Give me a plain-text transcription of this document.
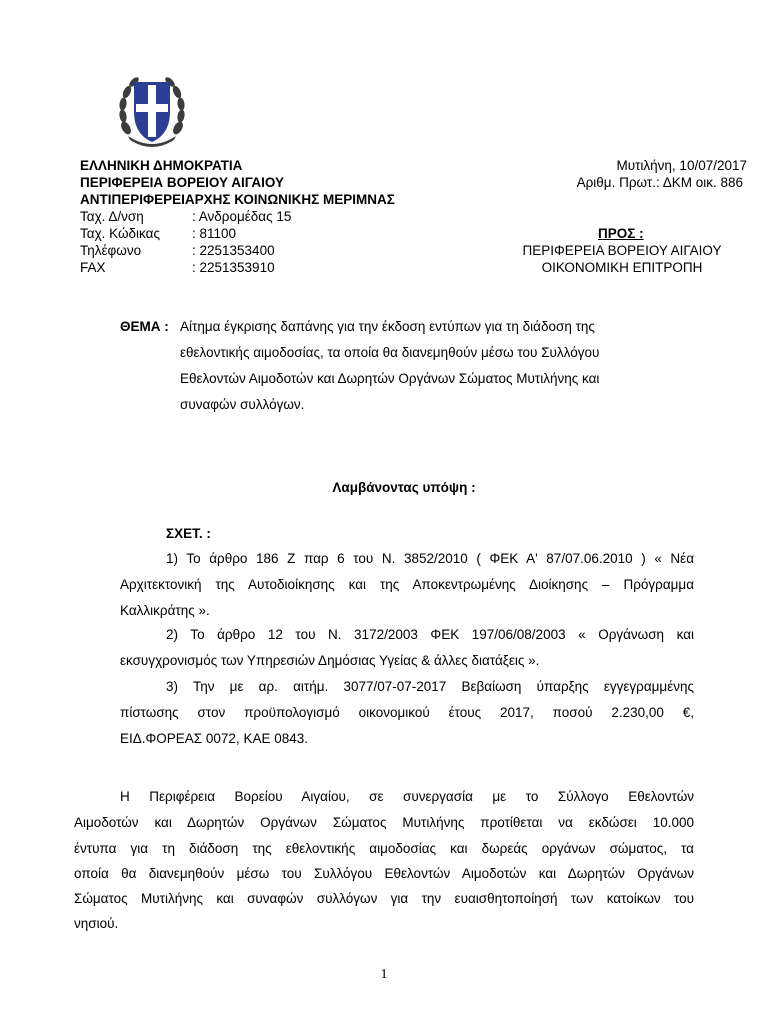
ΕΛΛΗΝΙΚΗ ΔΗΜΟΚΡΑΤΙΑ
ΠΕΡΙΦΕΡΕΙΑ ΒΟΡΕΙΟΥ ΑΙΓΑΙΟΥ
ΑΝΤΙΠΕΡΙΦΕΡΕΙΑΡΧΗΣ ΚΟΙΝΩΝΙΚΗΣ ΜΕΡΙΜΝΑΣ
Ταχ. Δ/νση	: Ανδρομέδας 15
Ταχ. Κώδικας : 81100
Τηλέφωνο	: 2251353400
FAX	: 2251353910
Μυτιλήνη, 10/07/2017
Αριθμ. Πρωτ.: ΔΚΜ οικ. 886
ΠΡΟΣ :
ΠΕΡΙΦΕΡΕΙΑ ΒΟΡΕΙΟΥ ΑΙΓΑΙΟΥ
ΟΙΚΟΝΟΜΙΚΗ ΕΠΙΤΡΟΠΗ
ΘΕΜΑ : Αίτημα έγκρισης δαπάνης για την έκδοση εντύπων για τη διάδοση της
εθελοντικής αιμοδοσίας, τα οποία θα διανεμηθούν μέσω του Συλλόγου
Εθελοντών Αιμοδοτών και Δωρητών Οργάνων Σώματος Μυτιλήνης και
συναφών συλλόγων.
Λαμβάνοντας υπόψη :
ΣΧΕΤ. :
1) Το άρθρο 186 Ζ παρ 6 του Ν. 3852/2010 ( ΦΕΚ Α' 87/07.06.2010 ) « Νέα
Αρχιτεκτονική της Αυτοδιοίκησης και της Αποκεντρωμένης Διοίκησης – Πρόγραμμα
Καλλικράτης ».
2) Το άρθρο 12 του Ν. 3172/2003 ΦΕΚ 197/06/08/2003 « Οργάνωση και
εκσυγχρονισμός των Υπηρεσιών Δημόσιας Υγείας & άλλες διατάξεις ».
3) Την με αρ. αιτήμ. 3077/07-07-2017 Βεβαίωση ύπαρξης εγγεγραμμένης
πίστωσης στον προϋπολογισμό οικονομικού έτους 2017, ποσού 2.230,00 €,
ΕΙΔ.ΦΟΡΕΑΣ 0072, ΚΑΕ 0843.
Η Περιφέρεια Βορείου Αιγαίου, σε συνεργασία με το Σύλλογο Εθελοντών
Αιμοδοτών και Δωρητών Οργάνων Σώματος Μυτιλήνης προτίθεται να εκδώσει 10.000
έντυπα για τη διάδοση της εθελοντικής αιμοδοσίας και δωρεάς οργάνων σώματος, τα
οποία θα διανεμηθούν μέσω του Συλλόγου Εθελοντών Αιμοδοτών και Δωρητών Οργάνων
Σώματος Μυτιλήνης και συναφών συλλόγων για την ευαισθητοποίησή των κατοίκων του
νησιού.
1
